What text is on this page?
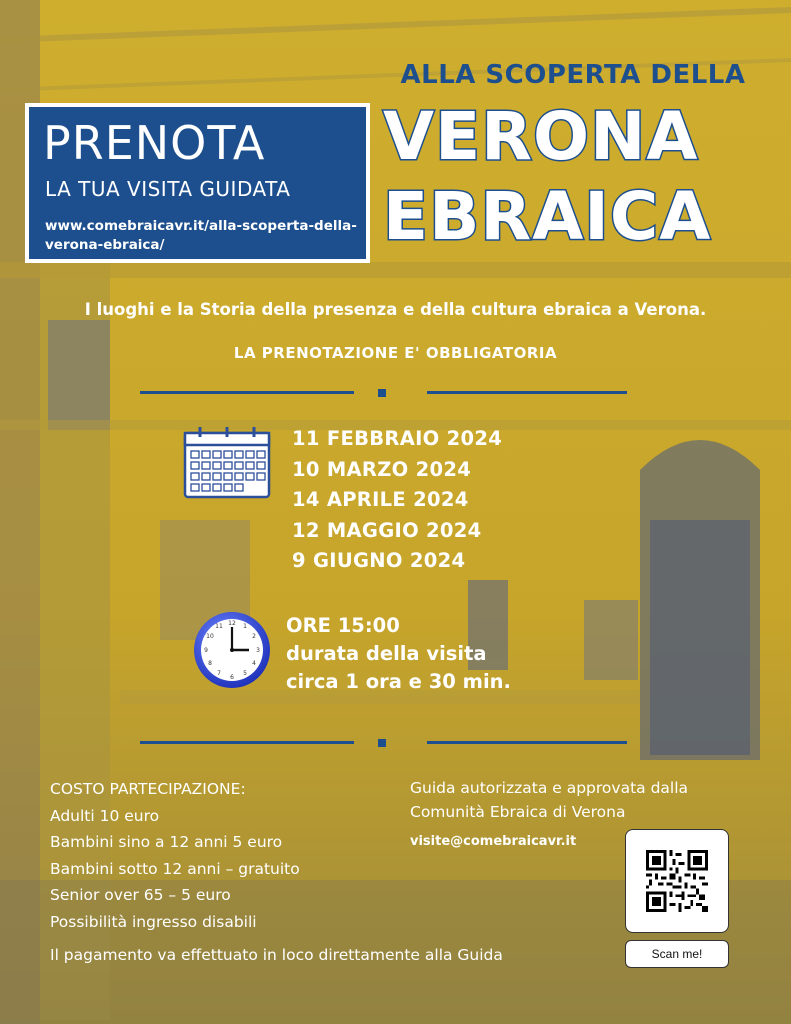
PRENOTA
LA TUA VISITA GUIDATA
www.comebraicavr.it/alla-scoperta-della-verona-ebraica/
ALLA SCOPERTA DELLA
VERONA
EBRAICA
I luoghi e la Storia della presenza e della cultura ebraica a Verona.
LA PRENOTAZIONE E' OBBLIGATORIA
11 FEBBRAIO 2024
10 MARZO 2024
14 APRILE 2024
12 MAGGIO 2024
9 GIUGNO 2024
12 1
2
3
4
5
6
7
8
9
10
11	ORE 15:00
durata della visita
circa 1 ora e 30 min.
COSTO PARTECIPAZIONE:
Adulti 10 euro
Bambini sino a 12 anni 5 euro
Bambini sotto 12 anni – gratuito
Senior over 65 – 5 euro
Possibilità ingresso disabili
Il pagamento va effettuato in loco direttamente alla Guida
Guida autorizzata e approvata dalla
Comunità Ebraica di Verona
visite@comebraicavr.it
Scan me!
